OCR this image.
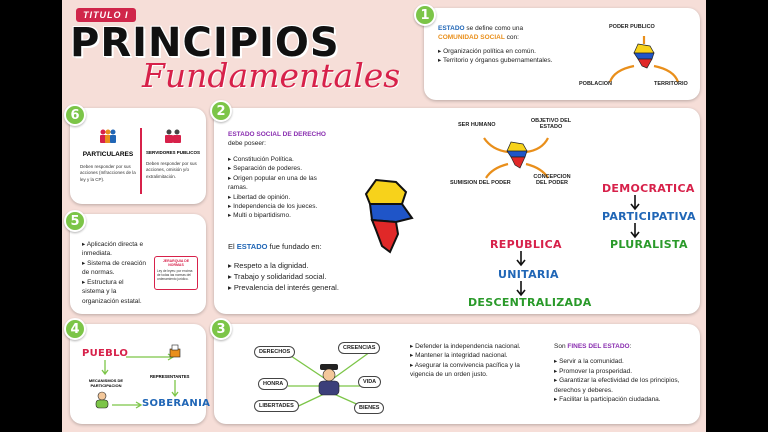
TITULO I
PRINCIPIOS
Fundamentales
ESTADO se define como una COMUNIDAD SOCIAL con:
▸ Organización política en común.
▸ Territorio y órganos gubernamentales.
PODER PUBLICO
POBLACION	TERRITORIO
1
PARTICULARES
Deben responder por sus acciones (Infracciones de la ley y la CP).
SERVIDORES PUBLICOS
Deben responder por sus acciones, omisión y/o extralimitación.
6
ESTADO SOCIAL DE DERECHO debe poseer:
▸ Constitución Política.
▸ Separación de poderes.
▸ Origen popular en una de las ramas.
▸ Libertad de opinión.
▸ Independencia de los jueces.
▸ Multi o bipartidismo.
El ESTADO fue fundado en:
▸ Respeto a la dignidad.
▸ Trabajo y solidaridad social.
▸ Prevalencia del interés general.
SER HUMANO
OBJETIVO DEL ESTADO
SUMISION DEL PODER
CONCEPCION DEL PODER
REPUBLICA
UNITARIA
DESCENTRALIZADA
DEMOCRATICA
PARTICIPATIVA
PLURALISTA
2
▸ Aplicación directa e inmediata.
▸ Sistema de creación de normas.
▸ Estructura el sistema y la organización estatal.
JERARQUIA DE NORMAS
Ley de leyes: por encima de todas las normas del ordenamiento jurídico.
5
PUEBLO
MECANISMOS DE PARTICIPACION
REPRESENTANTES
SOBERANIA
4
DERECHOS
CREENCIAS
HONRA	VIDA
LIBERTADES	BIENES
▸ Defender la independencia nacional.
▸ Mantener la integridad nacional.
▸ Asegurar la convivencia pacífica y la vigencia de un orden justo.
Son FINES DEL ESTADO:
▸ Servir a la comunidad.
▸ Promover la prosperidad.
▸ Garantizar la efectividad de los principios, derechos y deberes.
▸ Facilitar la participación ciudadana.
3
